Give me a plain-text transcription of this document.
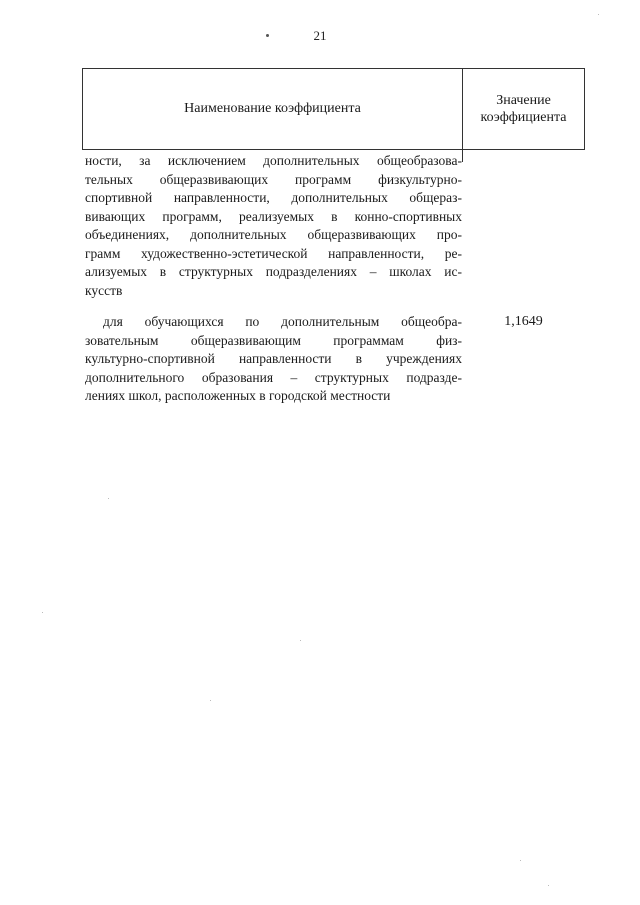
21
Наименование коэффициента
Значение
коэффициента
ности, за исключением дополнительных общеобразова-
тельных общеразвивающих программ физкультурно-
спортивной направленности, дополнительных общераз-
вивающих программ, реализуемых в конно-спортивных
объединениях, дополнительных общеразвивающих про-
грамм художественно-эстетической направленности, ре-
ализуемых в структурных подразделениях – школах ис-
кусств
для обучающихся по дополнительным общеобра-
зовательным общеразвивающим программам физ-
культурно-спортивной направленности в учреждениях
дополнительного образования – структурных подразде-
лениях школ, расположенных в городской местности
1,1649
